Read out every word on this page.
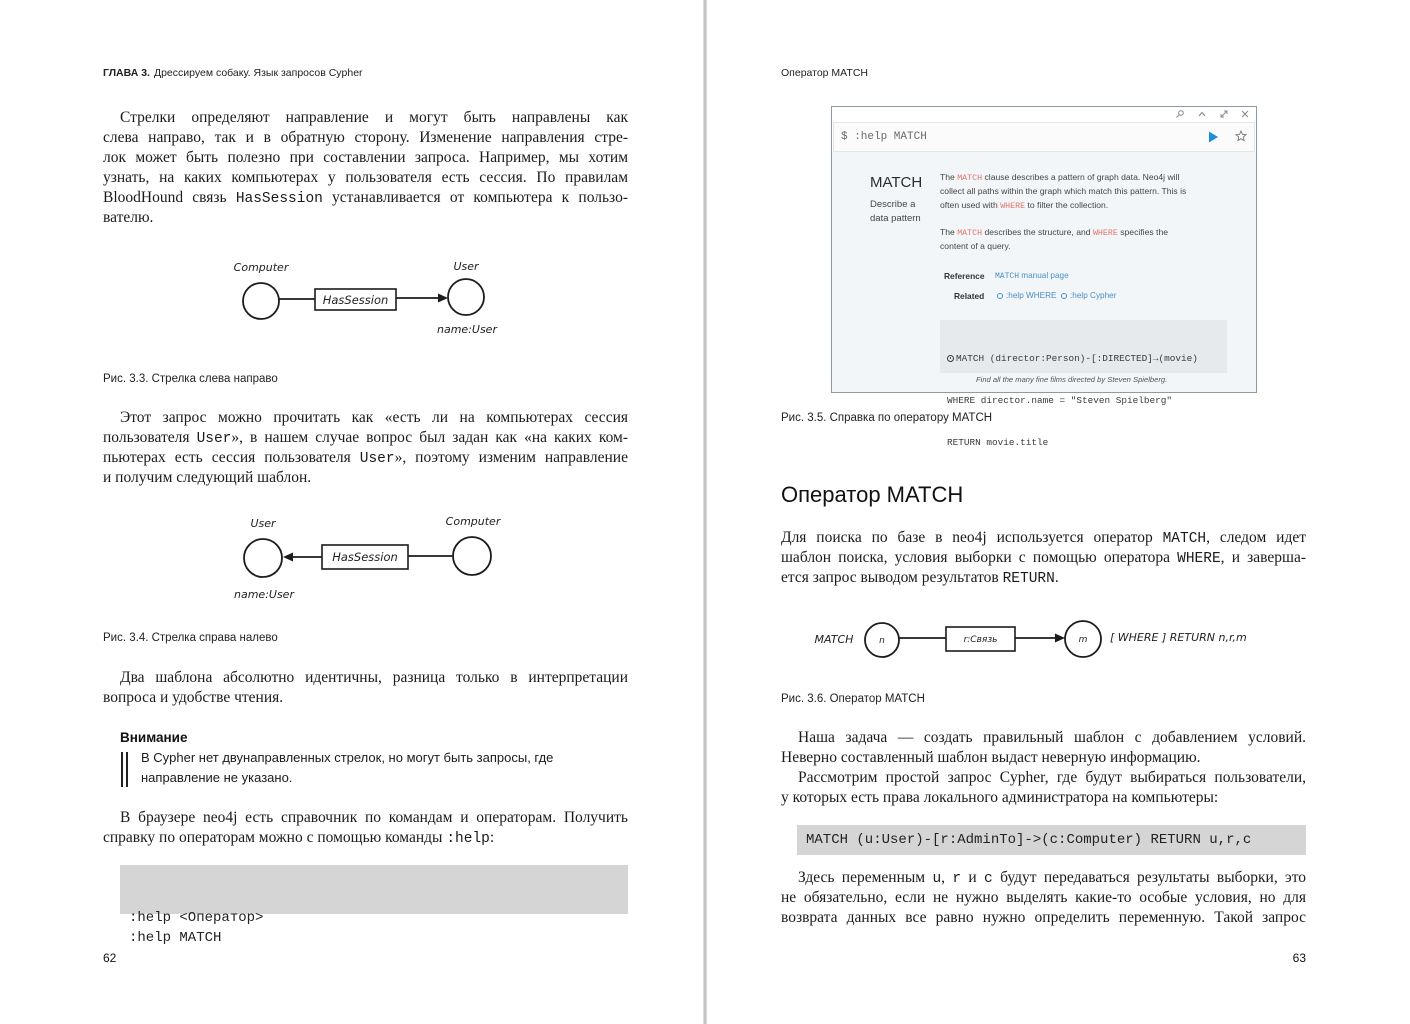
ГЛАВА 3. Дрессируем собаку. Язык запросов Cypher
Стрелки определяют направление и могут быть направлены как
слева направо, так и в обратную сторону. Изменение направления стре-
лок может быть полезно при составлении запроса. Например, мы хотим
узнать, на каких компьютерах у пользователя есть сессия. По правилам
BloodHound связь HasSession устанавливается от компьютера к пользо-
вателю.
Computer
HasSession
User
name:User
Рис. 3.3. Стрелка слева направо
Этот запрос можно прочитать как «есть ли на компьютерах сессия
пользователя User», в нашем случае вопрос был задан как «на каких ком-
пьютерах есть сессия пользователя User», поэтому изменим направление
и получим следующий шаблон.
User	Computer
HasSession
name:User
Рис. 3.4. Стрелка справа налево
Два шаблона абсолютно идентичны, разница только в интерпретации
вопроса и удобстве чтения.
Внимание
В Cypher нет двунаправленных стрелок, но могут быть запросы, где
направление не указано.
В браузере neo4j есть справочник по командам и операторам. Получить
справку по операторам можно с помощью команды :help:

:help <Оператор>
:help MATCH

62
Оператор MATCH
$ :help MATCH
MATCH
Describe a
data pattern
The MATCH clause describes a pattern of graph data. Neo4j will
collect all paths within the graph which match this pattern. This is
often used with WHERE to filter the collection.
The MATCH describes the structure, and WHERE specifies the
content of a query.
Reference MATCH manual page
Related	:help WHERE	:help Cypher

MATCH (director:Person)-[:DIRECTED]→(movie)

WHERE director.name = "Steven Spielberg"

RETURN movie.title

Find all the many fine films directed by Steven Spielberg.
Рис. 3.5. Справка по оператору MATCH
Оператор MATCH
Для поиска по базе в neo4j используется оператор MATCH, следом идет
шаблон поиска, условия выборки с помощью оператора WHERE, и заверша-
ется запрос выводом результатов RETURN.
MATCH	n	r:Связь	m [ WHERE ] RETURN n,r,m
Рис. 3.6. Оператор MATCH
Наша задача — создать правильный шаблон с добавлением условий.
Неверно составленный шаблон выдаст неверную информацию.
Рассмотрим простой запрос Cypher, где будут выбираться пользователи,
у которых есть права локального администратора на компьютеры:
MATCH (u:User)-[r:AdminTo]->(c:Computer) RETURN u,r,c
Здесь переменным u, r и c будут передаваться результаты выборки, это
не обязательно, если не нужно выделять какие-то особые условия, но для
возврата данных все равно нужно определить переменную. Такой запрос
63
